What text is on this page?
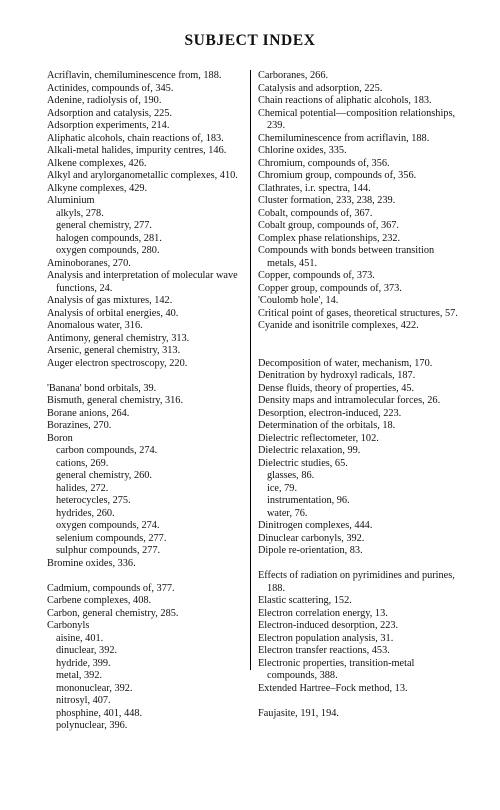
SUBJECT INDEX
Acriflavin, chemiluminescence from, 188.
Actinides, compounds of, 345.
Adenine, radiolysis of, 190.
Adsorption and catalysis, 225.
Adsorption experiments, 214.
Aliphatic alcohols, chain reactions of, 183.
Alkali-metal halides, impurity centres, 146.
Alkene complexes, 426.
Alkyl and arylorganometallic complexes, 410.
Alkyne complexes, 429.
Aluminium
alkyls, 278.
general chemistry, 277.
halogen compounds, 281.
oxygen compounds, 280.
Aminoboranes, 270.
Analysis and interpretation of molecular wave functions, 24.
Analysis of gas mixtures, 142.
Analysis of orbital energies, 40.
Anomalous water, 316.
Antimony, general chemistry, 313.
Arsenic, general chemistry, 313.
Auger electron spectroscopy, 220.
'Banana' bond orbitals, 39.
Bismuth, general chemistry, 316.
Borane anions, 264.
Borazines, 270.
Boron
carbon compounds, 274.
cations, 269.
general chemistry, 260.
halides, 272.
heterocycles, 275.
hydrides, 260.
oxygen compounds, 274.
selenium compounds, 277.
sulphur compounds, 277.
Bromine oxides, 336.
Cadmium, compounds of, 377.
Carbene complexes, 408.
Carbon, general chemistry, 285.
Carbonyls
aisine, 401.
dinuclear, 392.
hydride, 399.
metal, 392.
mononuclear, 392.
nitrosyl, 407.
phosphine, 401, 448.
polynuclear, 396.
Carboranes, 266.
Catalysis and adsorption, 225.
Chain reactions of aliphatic alcohols, 183.
Chemical potential—composition relationships, 239.
Chemiluminescence from acriflavin, 188.
Chlorine oxides, 335.
Chromium, compounds of, 356.
Chromium group, compounds of, 356.
Clathrates, i.r. spectra, 144.
Cluster formation, 233, 238, 239.
Cobalt, compounds of, 367.
Cobalt group, compounds of, 367.
Complex phase relationships, 232.
Compounds with bonds between transition metals, 451.
Copper, compounds of, 373.
Copper group, compounds of, 373.
'Coulomb hole', 14.
Critical point of gases, theoretical structures, 57.
Cyanide and isonitrile complexes, 422.
Decomposition of water, mechanism, 170.
Denitration by hydroxyl radicals, 187.
Dense fluids, theory of properties, 45.
Density maps and intramolecular forces, 26.
Desorption, electron-induced, 223.
Determination of the orbitals, 18.
Dielectric reflectometer, 102.
Dielectric relaxation, 99.
Dielectric studies, 65.
glasses, 86.
ice, 79.
instrumentation, 96.
water, 76.
Dinitrogen complexes, 444.
Dinuclear carbonyls, 392.
Dipole re-orientation, 83.
Effects of radiation on pyrimidines and purines, 188.
Elastic scattering, 152.
Electron correlation energy, 13.
Electron-induced desorption, 223.
Electron population analysis, 31.
Electron transfer reactions, 453.
Electronic properties, transition-metal compounds, 388.
Extended Hartree–Fock method, 13.
Faujasite, 191, 194.
